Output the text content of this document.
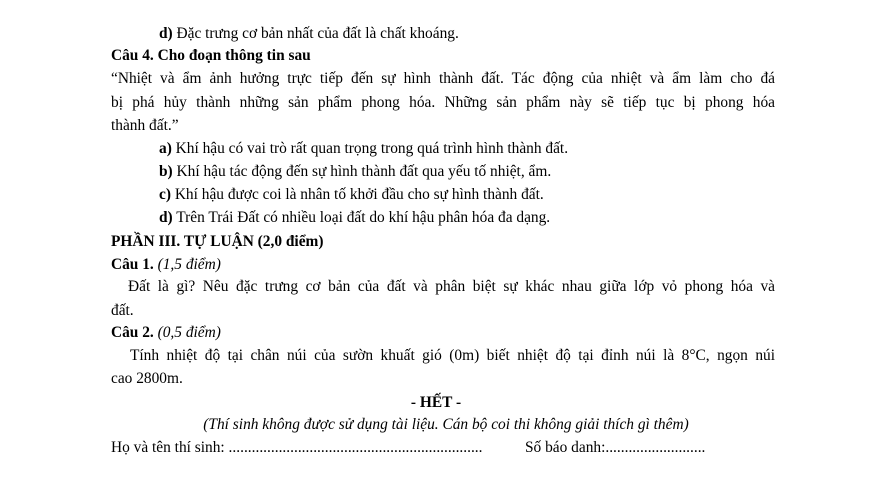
d) Đặc trưng cơ bản nhất của đất là chất khoáng.
Câu 4. Cho đoạn thông tin sau
“Nhiệt và ẩm ảnh hưởng trực tiếp đến sự hình thành đất. Tác động của nhiệt và ẩm làm cho đá
bị phá hủy thành những sản phẩm phong hóa. Những sản phẩm này sẽ tiếp tục bị phong hóa
thành đất.”
a) Khí hậu có vai trò rất quan trọng trong quá trình hình thành đất.
b) Khí hậu tác động đến sự hình thành đất qua yếu tố nhiệt, ẩm.
c) Khí hậu được coi là nhân tố khởi đầu cho sự hình thành đất.
d) Trên Trái Đất có nhiều loại đất do khí hậu phân hóa đa dạng.
PHẦN III. TỰ LUẬN (2,0 điểm)
Câu 1. (1,5 điểm)
Đất là gì? Nêu đặc trưng cơ bản của đất và phân biệt sự khác nhau giữa lớp vỏ phong hóa và
đất.
Câu 2. (0,5 điểm)
Tính nhiệt độ tại chân núi của sườn khuất gió (0m) biết nhiệt độ tại đỉnh núi là 8°C, ngọn núi
cao 2800m.
- HẾT -
(Thí sinh không được sử dụng tài liệu. Cán bộ coi thi không giải thích gì thêm)
Họ và tên thí sinh: ..................................................................	Số báo danh:..........................
